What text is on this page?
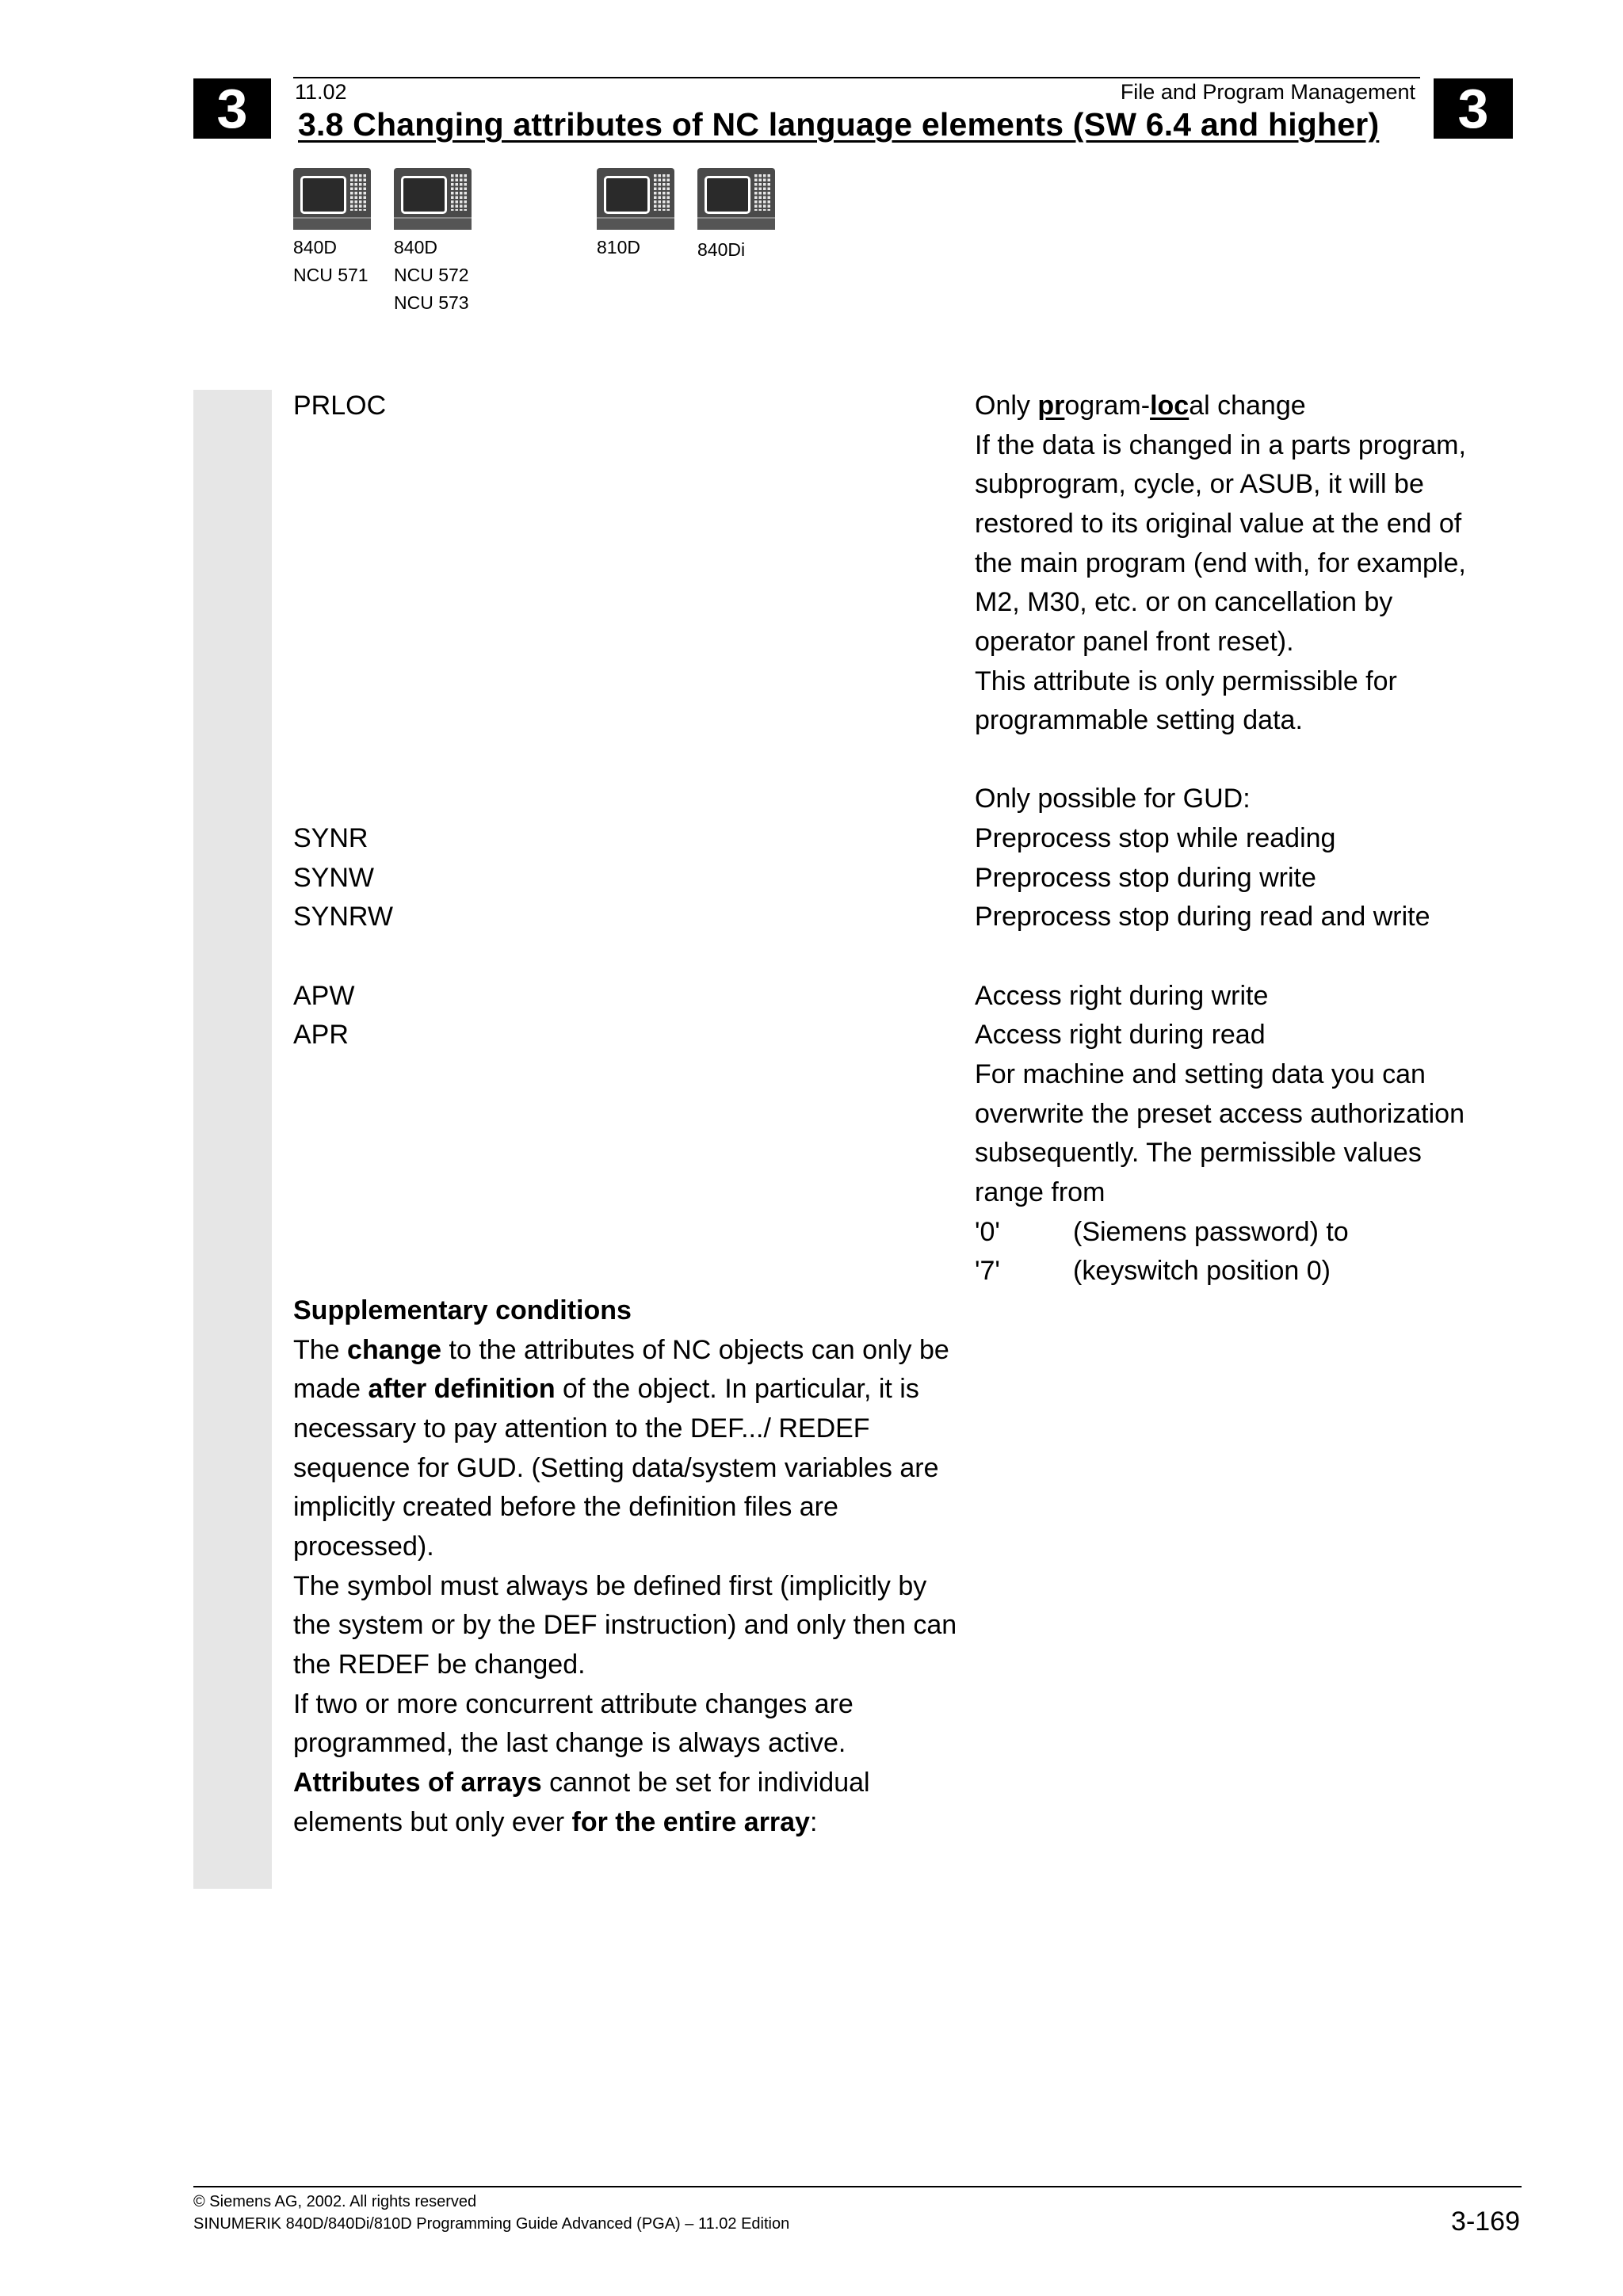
3	3
11.02	File and Program Management
3.8 Changing attributes of NC language elements (SW 6.4 and higher)
840D
NCU 571
840D
NCU 572
NCU 573
810D	840Di
PRLOC	Only program-local change
If the data is changed in a parts program,
subprogram, cycle, or ASUB, it will be
restored to its original value at the end of
the main program (end with, for example,
M2, M30, etc. or on cancellation by
operator panel front reset).
This attribute is only permissible for
programmable setting data.
Only possible for GUD:
SYNR	Preprocess stop while reading
SYNW	Preprocess stop during write
SYNRW	Preprocess stop during read and write
APW	Access right during write
APR	Access right during read
For machine and setting data you can
overwrite the preset access authorization
subsequently. The permissible values
range from
'0'	(Siemens password) to
'7'	(keyswitch position 0)
Supplementary conditions
The change to the attributes of NC objects can only be
made after definition of the object. In particular, it is
necessary to pay attention to the DEF.../ REDEF
sequence for GUD. (Setting data/system variables are
implicitly created before the definition files are
processed).
The symbol must always be defined first (implicitly by
the system or by the DEF instruction) and only then can
the REDEF be changed.
If two or more concurrent attribute changes are
programmed, the last change is always active.
Attributes of arrays cannot be set for individual
elements but only ever for the entire array:
© Siemens AG, 2002. All rights reserved
SINUMERIK 840D/840Di/810D Programming Guide Advanced (PGA) – 11.02 Edition	3-169
